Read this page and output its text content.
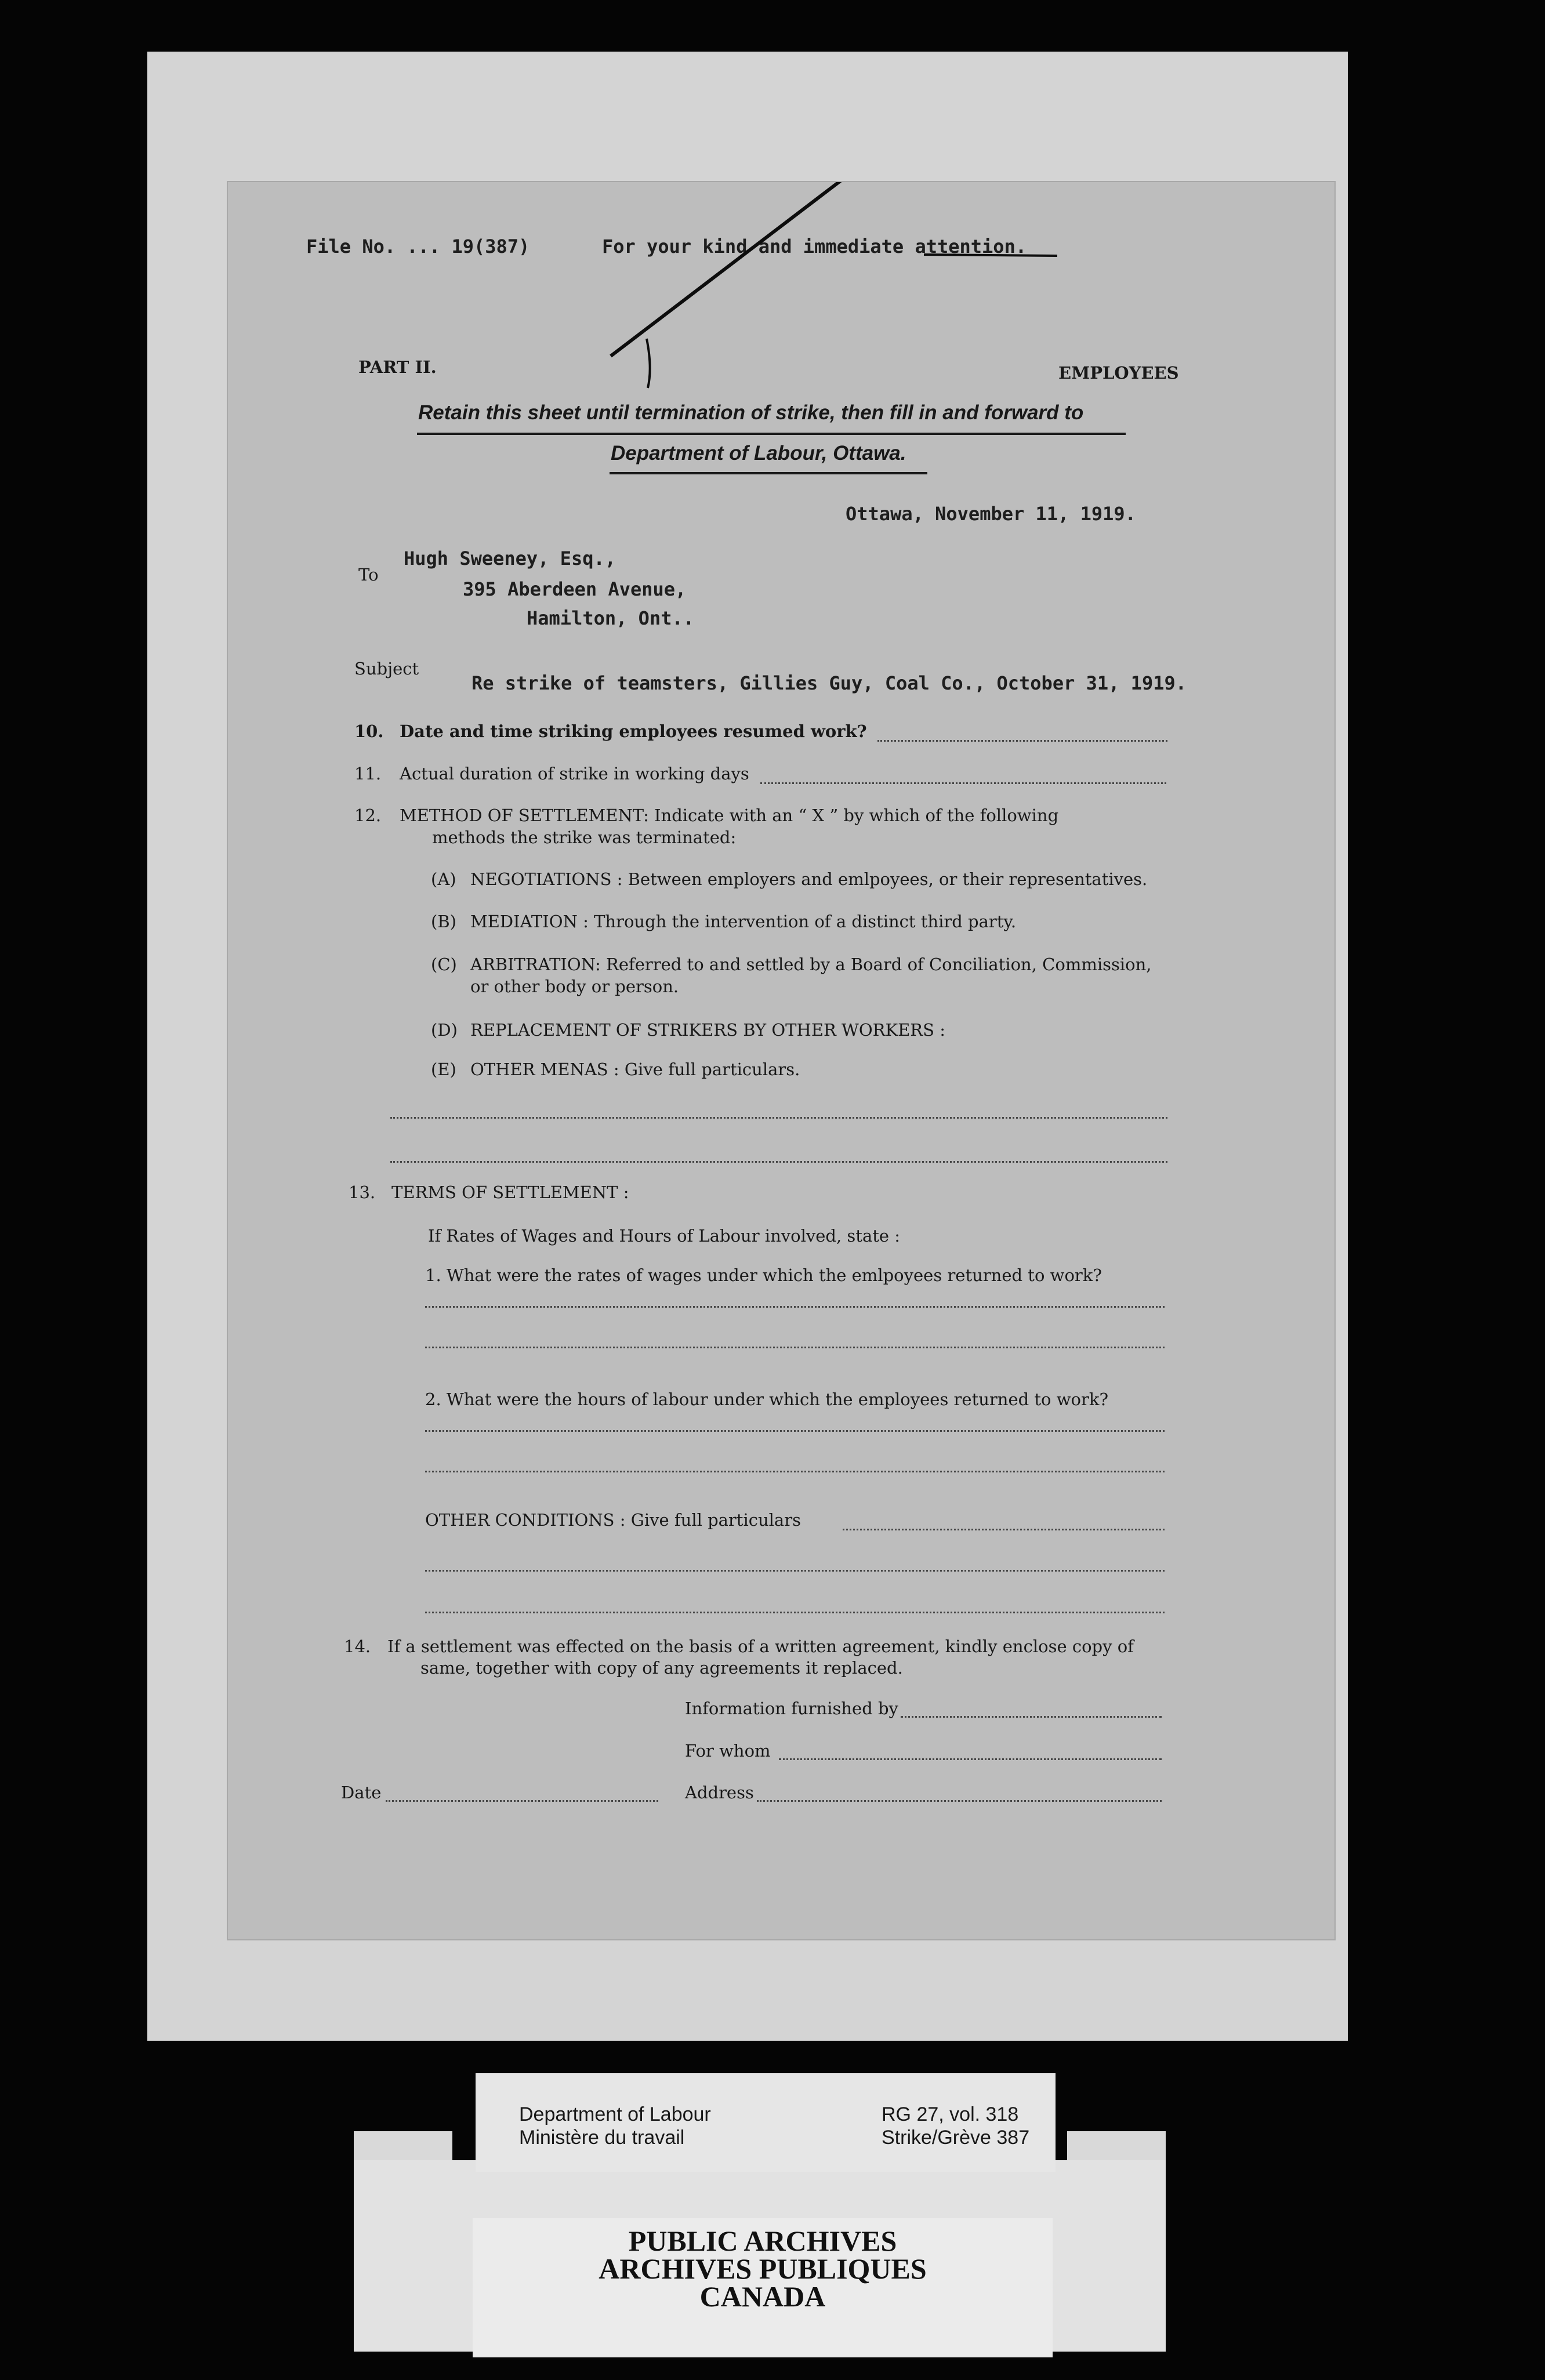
File No. ... 19(387)	For your kind and immediate attention.
PART II.	EMPLOYEES
Retain this sheet until termination of strike, then fill in and forward to
Department of Labour, Ottawa.
Ottawa, November 11, 1919.
To
Hugh Sweeney, Esq.,
395 Aberdeen Avenue,
Hamilton, Ont..
Subject
Re strike of teamsters, Gillies Guy, Coal Co., October 31, 1919.
10. Date and time striking employees resumed work?
11. Actual duration of strike in working days
12. METHOD OF SETTLEMENT: Indicate with an “ X ” by which of the following
methods the strike was terminated:
(A) NEGOTIATIONS : Between employers and emlpoyees, or their representatives.
(B) MEDIATION : Through the intervention of a distinct third party.
(C) ARBITRATION: Referred to and settled by a Board of Conciliation, Commission,
or other body or person.
(D) REPLACEMENT OF STRIKERS BY OTHER WORKERS :
(E) OTHER MENAS : Give full particulars.
13. TERMS OF SETTLEMENT :
If Rates of Wages and Hours of Labour involved, state :
1. What were the rates of wages under which the emlpoyees returned to work?
2. What were the hours of labour under which the employees returned to work?
OTHER CONDITIONS : Give full particulars
14. If a settlement was effected on the basis of a written agreement, kindly enclose copy of
same, together with copy of any agreements it replaced.
Information furnished by
For whom
Date	Address
Department of Labour
Ministère du travail
RG 27, vol. 318
Strike/Grève 387
PUBLIC ARCHIVES
ARCHIVES PUBLIQUES
CANADA
